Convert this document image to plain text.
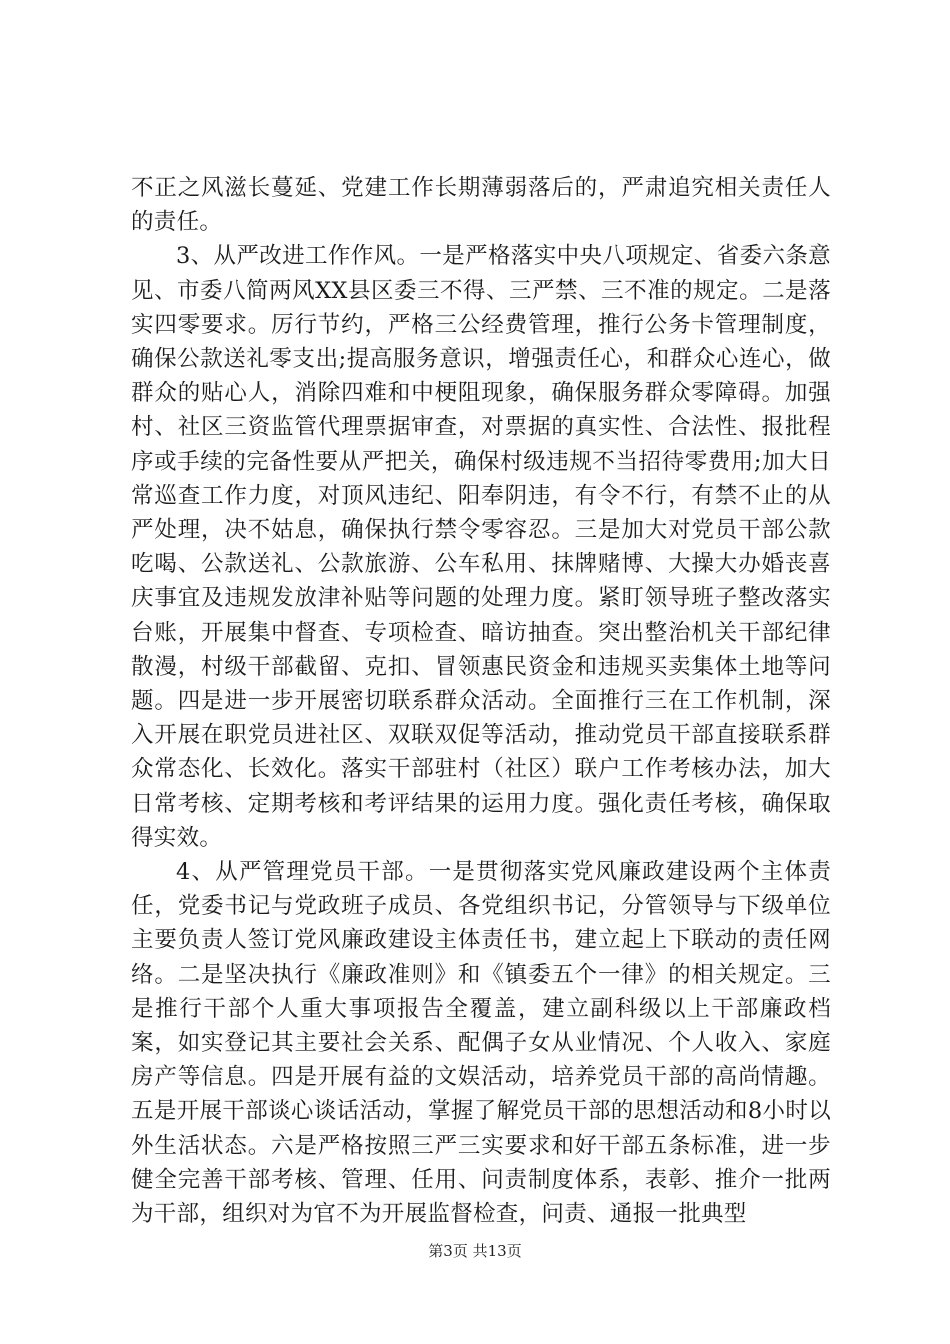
不正之风滋长蔓延、党建工作长期薄弱落后的，严肃追究相关责任人的责任。

3、从严改进工作作风。一是严格落实中央八项规定、省委六条意见、市委八简两风XX县区委三不得、三严禁、三不准的规定。二是落实四零要求。厉行节约，严格三公经费管理，推行公务卡管理制度，确保公款送礼零支出;提高服务意识，增强责任心，和群众心连心，做群众的贴心人，消除四难和中梗阻现象，确保服务群众零障碍。加强村、社区三资监管代理票据审查，对票据的真实性、合法性、报批程序或手续的完备性要从严把关，确保村级违规不当招待零费用;加大日常巡查工作力度，对顶风违纪、阳奉阴违，有令不行，有禁不止的从严处理，决不姑息，确保执行禁令零容忍。三是加大对党员干部公款吃喝、公款送礼、公款旅游、公车私用、抹牌赌博、大操大办婚丧喜庆事宜及违规发放津补贴等问题的处理力度。紧盯领导班子整改落实台账，开展集中督查、专项检查、暗访抽查。突出整治机关干部纪律散漫，村级干部截留、克扣、冒领惠民资金和违规买卖集体土地等问题。四是进一步开展密切联系群众活动。全面推行三在工作机制，深入开展在职党员进社区、双联双促等活动，推动党员干部直接联系群众常态化、长效化。落实干部驻村（社区）联户工作考核办法，加大日常考核、定期考核和考评结果的运用力度。强化责任考核，确保取得实效。

4、从严管理党员干部。一是贯彻落实党风廉政建设两个主体责任，党委书记与党政班子成员、各党组织书记，分管领导与下级单位主要负责人签订党风廉政建设主体责任书，建立起上下联动的责任网络。二是坚决执行《廉政准则》和《镇委五个一律》的相关规定。三是推行干部个人重大事项报告全覆盖，建立副科级以上干部廉政档案，如实登记其主要社会关系、配偶子女从业情况、个人收入、家庭房产等信息。四是开展有益的文娱活动，培养党员干部的高尚情趣。五是开展干部谈心谈话活动，掌握了解党员干部的思想活动和8小时以外生活状态。六是严格按照三严三实要求和好干部五条标准，进一步健全完善干部考核、管理、任用、问责制度体系，表彰、推介一批两为干部，组织对为官不为开展监督检查，问责、通报一批典型

第3页 共13页
